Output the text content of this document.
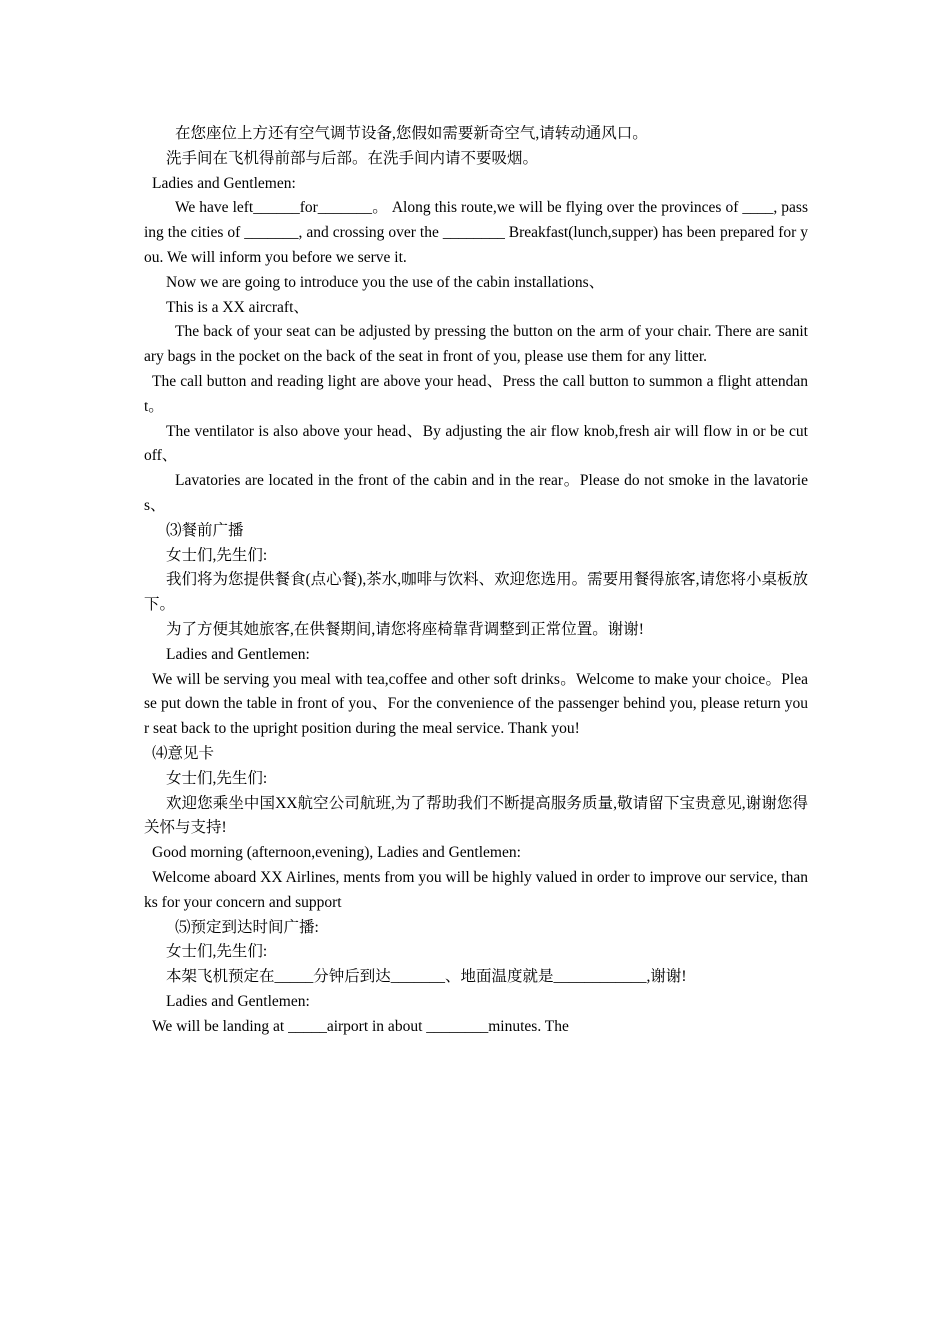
在您座位上方还有空气调节设备,您假如需要新奇空气,请转动通风口。

洗手间在飞机得前部与后部。在洗手间内请不要吸烟。

Ladies and Gentlemen:

We have left______for_______。 Along this route,we will be flying over the provinces of ____, passing the cities of _______, and crossing over the ________ Breakfast(lunch,supper) has been prepared for you. We will inform you before we serve it.

Now we are going to introduce you the use of the cabin installations、

This is a XX aircraft、

The back of your seat can be adjusted by pressing the button on the arm of your chair. There are sanitary bags in the pocket on the back of the seat in front of you, please use them for any litter.

The call button and reading light are above your head、Press the call button to summon a flight attendant。

The ventilator is also above your head、By adjusting the air flow knob,fresh air will flow in or be cut off、

Lavatories are located in the front of the cabin and in the rear。Please do not smoke in the lavatories、

⑶餐前广播

女士们,先生们:

我们将为您提供餐食(点心餐),茶水,咖啡与饮料、欢迎您选用。需要用餐得旅客,请您将小桌板放下。

为了方便其她旅客,在供餐期间,请您将座椅靠背调整到正常位置。谢谢!

Ladies and Gentlemen:

We will be serving you meal with tea,coffee and other soft drinks。Welcome to make your choice。Please put down the table in front of you、For the convenience of the passenger behind you, please return your seat back to the upright position during the meal service. Thank you!

⑷意见卡

女士们,先生们:

欢迎您乘坐中国XX航空公司航班,为了帮助我们不断提高服务质量,敬请留下宝贵意见,谢谢您得关怀与支持!

Good morning (afternoon,evening), Ladies and Gentlemen:

Welcome aboard XX Airlines, ments from you will be highly valued in order to improve our service, thanks for your concern and support

⑸预定到达时间广播:

女士们,先生们:

本架飞机预定在_____分钟后到达_______、地面温度就是____________,谢谢!

Ladies and Gentlemen:

We will be landing at _____airport in about ________minutes. The
